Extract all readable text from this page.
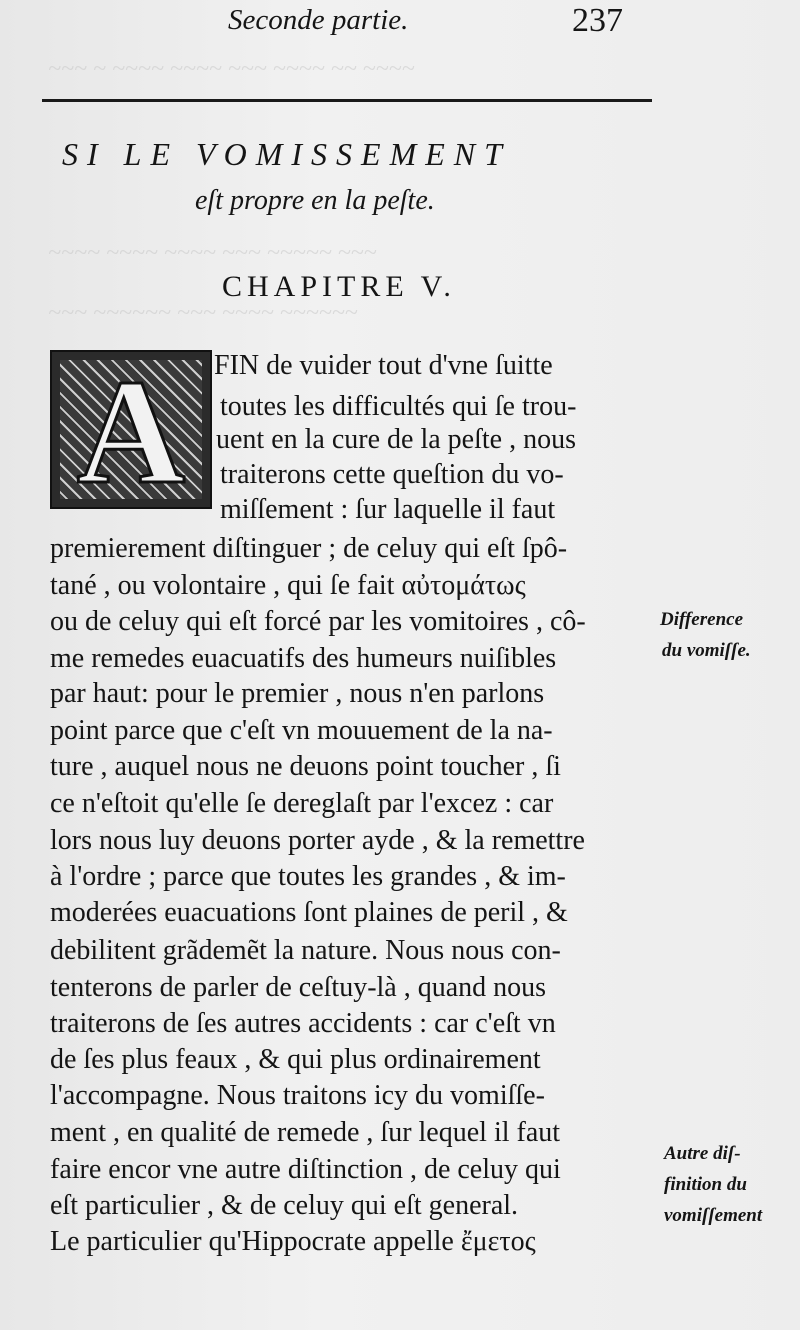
~~~ ~ ~~~~ ~~~~ ~~~ ~~~~ ~~ ~~~~
~~~~ ~~~~ ~~~~ ~~~ ~~~~~ ~~~
~~~ ~~~~~~ ~~~ ~~~~ ~~~~~~
Seconde partie.	237
SI LE VOMISSEMENT
eſt propre en la peſte.
CHAPITRE V.
A	FIN de vuider tout d'vne ſuitte
toutes les difficultés qui ſe trou-
uent en la cure de la peſte , nous
traiterons cette queſtion du vo-
miſſement : ſur laquelle il faut
premierement diſtinguer ; de celuy qui eſt ſpô-
tané , ou volontaire , qui ſe fait αὐτομάτως
ou de celuy qui eſt forcé par les vomitoires , cô-
me remedes euacuatifs des humeurs nuiſibles
par haut: pour le premier , nous n'en parlons
point parce que c'eſt vn mouuement de la na-
ture , auquel nous ne deuons point toucher , ſi
ce n'eſtoit qu'elle ſe dereglaſt par l'excez : car
lors nous luy deuons porter ayde , & la remettre
à l'ordre ; parce que toutes les grandes , & im-
moderées euacuations ſont plaines de peril , &
debilitent grãdemẽt la nature. Nous nous con-
tenterons de parler de ceſtuy-là , quand nous
traiterons de ſes autres accidents : car c'eſt vn
de ſes plus feaux , & qui plus ordinairement
l'accompagne. Nous traitons icy du vomiſſe-
ment , en qualité de remede , ſur lequel il faut
faire encor vne autre diſtinction , de celuy qui
eſt particulier , & de celuy qui eſt general.
Le particulier qu'Hippocrate appelle ἔμετος
Difference
du vomiſſe.
Autre diſ-
finition du
vomiſſement
